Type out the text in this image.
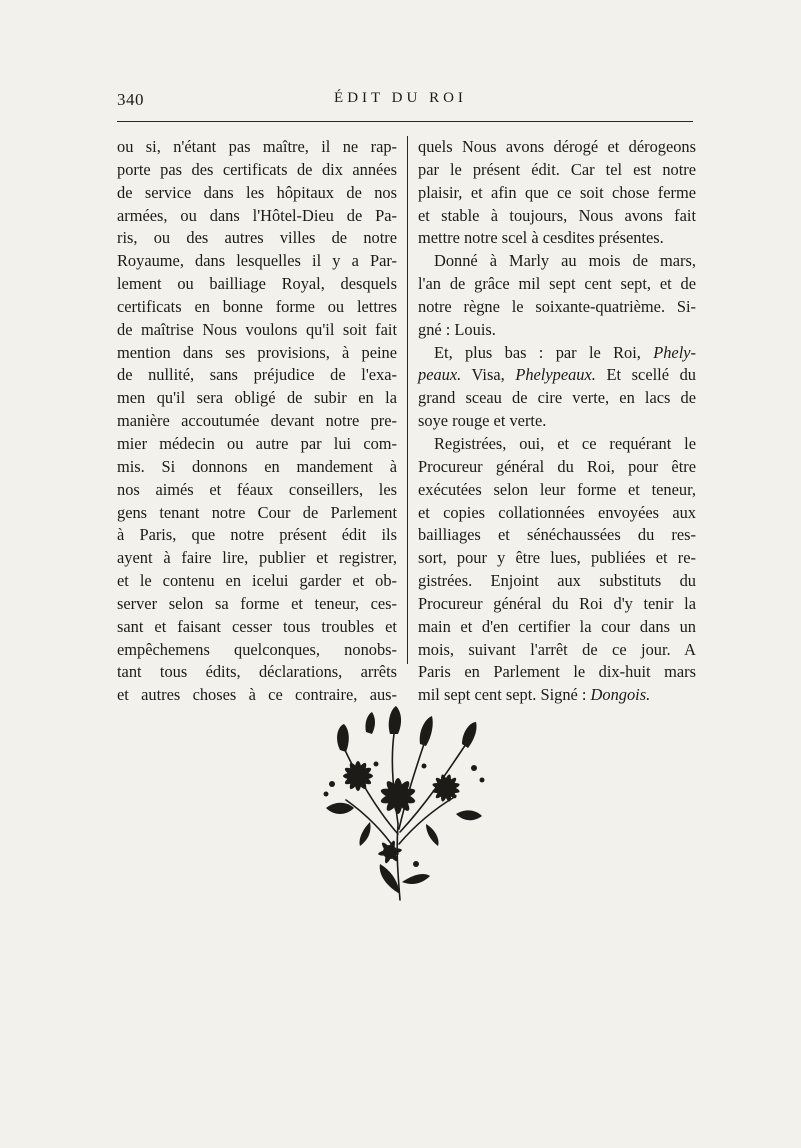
340	ÉDIT DU ROI
ou si, n'étant pas maître, il ne rap-
porte pas des certificats de dix années
de service dans les hôpitaux de nos
armées, ou dans l'Hôtel-Dieu de Pa-
ris, ou des autres villes de notre
Royaume, dans lesquelles il y a Par-
lement ou bailliage Royal, desquels
certificats en bonne forme ou lettres
de maîtrise Nous voulons qu'il soit fait
mention dans ses provisions, à peine
de nullité, sans préjudice de l'exa-
men qu'il sera obligé de subir en la
manière accoutumée devant notre pre-
mier médecin ou autre par lui com-
mis. Si donnons en mandement à
nos aimés et féaux conseillers, les
gens tenant notre Cour de Parlement
à Paris, que notre présent édit ils
ayent à faire lire, publier et registrer,
et le contenu en icelui garder et ob-
server selon sa forme et teneur, ces-
sant et faisant cesser tous troubles et
empêchemens quelconques, nonobs-
tant tous édits, déclarations, arrêts
et autres choses à ce contraire, aus-
quels Nous avons dérogé et dérogeons
par le présent édit. Car tel est notre
plaisir, et afin que ce soit chose ferme
et stable à toujours, Nous avons fait
mettre notre scel à cesdites présentes.
Donné à Marly au mois de mars,
l'an de grâce mil sept cent sept, et de
notre règne le soixante-quatrième. Si-
gné : Louis.
Et, plus bas : par le Roi, Phely-
peaux. Visa, Phelypeaux. Et scellé du
grand sceau de cire verte, en lacs de
soye rouge et verte.
Registrées, oui, et ce requérant le
Procureur général du Roi, pour être
exécutées selon leur forme et teneur,
et copies collationnées envoyées aux
bailliages et sénéchaussées du res-
sort, pour y être lues, publiées et re-
gistrées. Enjoint aux substituts du
Procureur général du Roi d'y tenir la
main et d'en certifier la cour dans un
mois, suivant l'arrêt de ce jour. A
Paris en Parlement le dix-huit mars
mil sept cent sept. Signé : Dongois.
